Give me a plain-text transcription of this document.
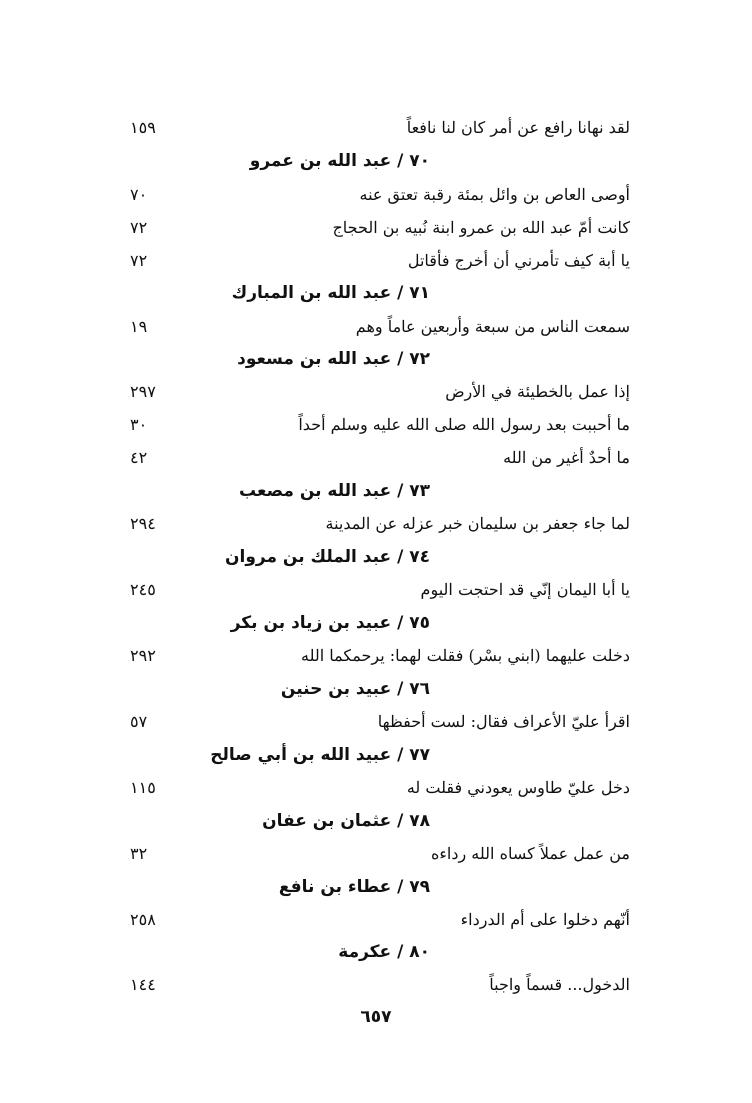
لقد نهانا رافع عن أمر كان لنا نافعاً
١٥٩
٧٠ / عبد الله بن عمرو
أوصى العاص بن وائل بمئة رقبة تعتق عنه
٧٠
كانت أمّ عبد الله بن عمرو ابنة نُبيه بن الحجاج
٧٢
يا أبة كيف تأمرني أن أخرج فأقاتل
٧٢
٧١ / عبد الله بن المبارك
سمعت الناس من سبعة وأربعين عاماً وهم
١٩
٧٢ / عبد الله بن مسعود
إذا عمل بالخطيئة في الأرض
٢٩٧
ما أحببت بعد رسول الله صلى الله عليه وسلم أحداً
٣٠
ما أحدٌ أغير من الله
٤٢
٧٣ / عبد الله بن مصعب
لما جاء جعفر بن سليمان خبر عزله عن المدينة
٢٩٤
٧٤ / عبد الملك بن مروان
يا أبا اليمان إنّي قد احتجت اليوم
٢٤٥
٧٥ / عبيد بن زياد بن بكر
دخلت عليهما (ابني بسْر) فقلت لهما: يرحمكما الله
٢٩٢
٧٦ / عبيد بن حنين
اقرأ عليّ الأعراف فقال: لست أحفظها
٥٧
٧٧ / عبيد الله بن أبي صالح
دخل عليّ طاوس يعودني فقلت له
١١٥
٧٨ / عثمان بن عفان
من عمل عملاً كساه الله رداءه
٣٢
٧٩ / عطاء بن نافع
أنّهم دخلوا على أم الدرداء
٢٥٨
٨٠ / عكرمة
الدخول... قسماً واجباً
١٤٤
٦٥٧
